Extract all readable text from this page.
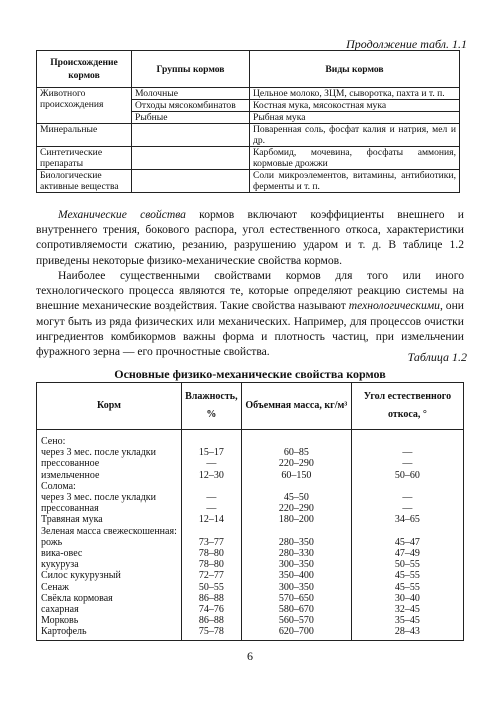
Продолжение табл. 1.1
Происхождение кормов	Группы кормов	Виды кормов
Животного происхождения	Молочные	Цельное молоко, ЗЦМ, сыворотка, пахта и т. п.
	Отходы мясокомбинатов	Костная мука, мясокостная мука
	Рыбные	Рыбная мука
Минеральные		Поваренная соль, фосфат калия и натрия, мел и др.
Синтетические препараты		Карбомид, мочевина, фосфаты аммония, кормовые дрожжи
Биологические активные вещества		Соли микроэлементов, витамины, антибиотики, ферменты и т. п.

Механические свойства кормов включают коэффициенты внешнего и внутреннего трения, бокового распора, угол естественного откоса, характеристики сопротивляемости сжатию, резанию, разрушению ударом и т. д. В таблице 1.2 приведены некоторые физико-механические свойства кормов.

Наиболее существенными свойствами кормов для того или иного технологического процесса являются те, которые определяют реакцию системы на внешние механические воздействия. Такие свойства называют технологическими, они могут быть из ряда физических или механических. Например, для процессов очистки ингредиентов комбикормов важны форма и плотность частиц, при измельчении фуражного зерна — его прочностные свойства.	Таблица 1.2
Основные физико-механические свойства кормов
Корм	Влажность, %	Объемная масса, кг/м³	Угол естественного откоса, °
Сено:			
через 3 мес. после укладки	15–17	60–85	—
прессованное	—	220–290	—
измельченное	12–30	60–150	50–60
Солома:			
через 3 мес. после укладки	—	45–50	—
прессованная	—	220–290	—
Травяная мука	12–14	180–200	34–65
Зеленая масса свежескошенная:			
рожь	73–77	280–350	45–47
вика-овес	78–80	280–330	47–49
кукуруза	78–80	300–350	50–55
Силос кукурузный	72–77	350–400	45–55
Сенаж	50–55	300–350	45–55
Свёкла кормовая	86–88	570–650	30–40
сахарная	74–76	580–670	32–45
Морковь	86–88	560–570	35–45
Картофель	75–78	620–700	28–43
6
